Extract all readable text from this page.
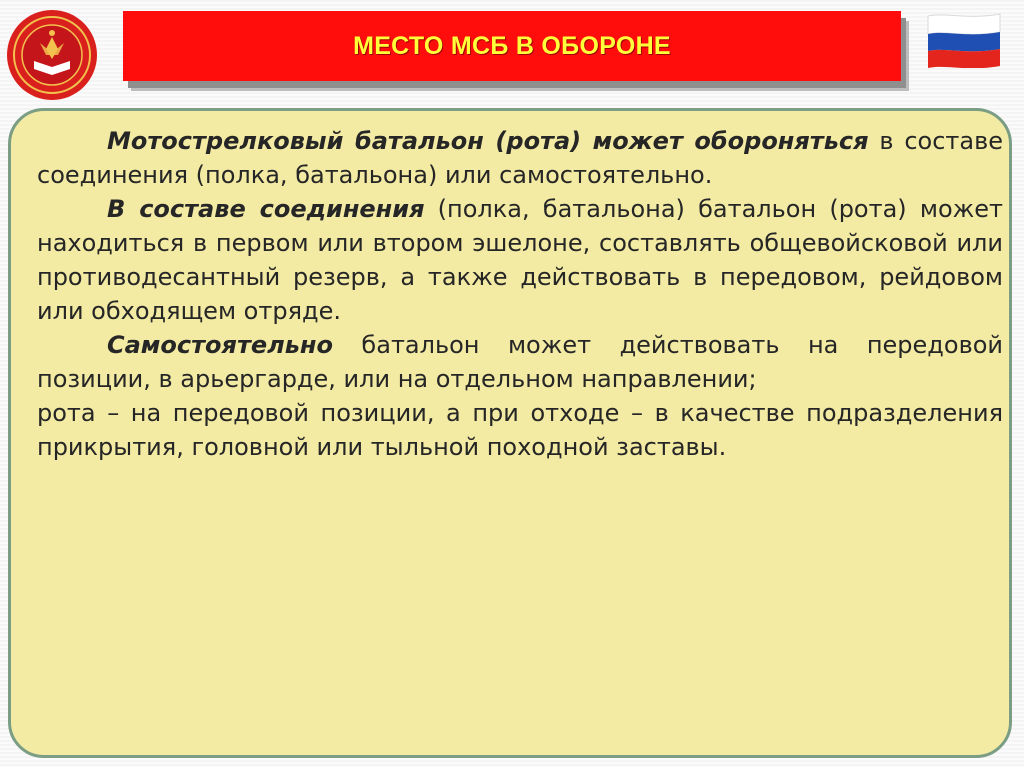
МЕСТО МСБ В ОБОРОНЕ

Мотострелковый батальон (рота) может обороняться в составе соединения (полка, батальона) или самостоятельно.

В составе соединения (полка, батальона) батальон (рота) может находиться в первом или втором эшелоне, составлять общевойсковой или противодесантный резерв, а также действовать в передовом, рейдовом или обходящем отряде.

Самостоятельно батальон может действовать на передовой позиции, в арьергарде, или на отдельном направлении;

рота – на передовой позиции, а при отходе – в качестве подразделения прикрытия, головной или тыльной походной заставы.
